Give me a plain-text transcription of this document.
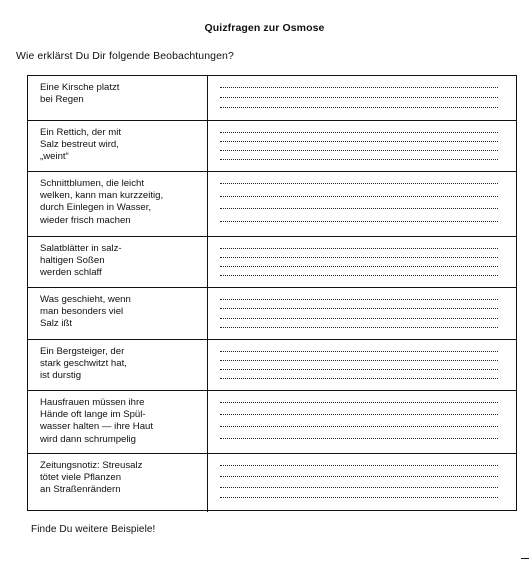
Quizfragen zur Osmose
Wie erklärst Du Dir folgende Beobachtungen?
Eine Kirsche platzt
bei Regen
Ein Rettich, der mit
Salz bestreut wird,
„weint“
Schnittblumen, die leicht
welken, kann man kurzzeitig,
durch Einlegen in Wasser,
wieder frisch machen
Salatblätter in salz-
haltigen Soßen
werden schlaff
Was geschieht, wenn
man besonders viel
Salz ißt
Ein Bergsteiger, der
stark geschwitzt hat,
ist durstig
Hausfrauen müssen ihre
Hände oft lange im Spül-
wasser halten — ihre Haut
wird dann schrumpelig
Zeitungsnotiz: Streusalz
tötet viele Pflanzen
an Straßenrändern
Finde Du weitere Beispiele!
